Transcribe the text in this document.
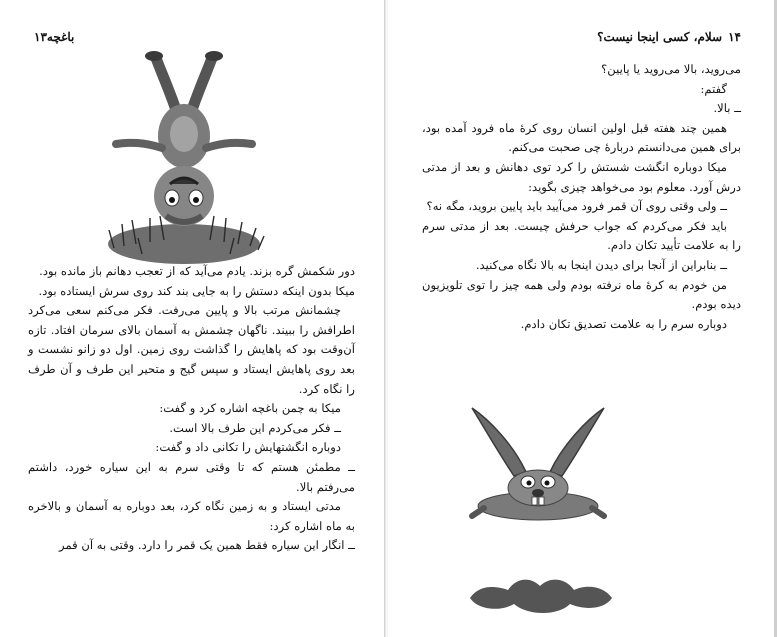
باغچه۱۳

دور شکمش گره بزند. یادم می‌آید که از تعجب دهانم باز مانده بود.

میکا بدون اینکه دستش را به جایی بند کند روی سرش ایستاده بود.

چشمانش مرتب بالا و پایین می‌رفت. فکر می‌کنم سعی می‌کرد اطرافش را ببیند. ناگهان چشمش به آسمان بالای سرمان افتاد. تازه آن‌وقت بود که پاهایش را گذاشت روی زمین. اول دو زانو نشست و بعد روی پاهایش ایستاد و سپس گیج و متحیر این طرف و آن طرف را نگاه کرد.

میکا به چمن باغچه اشاره کرد و گفت:

ــ فکر می‌کردم این طرف بالا است.

دوباره انگشتهایش را تکانی داد و گفت:

ــ مطمئن هستم که تا وقتی سرم به این سیاره خورد، داشتم می‌رفتم بالا.

مدتی ایستاد و به زمین نگاه کرد، بعد دوباره به آسمان و بالاخره به ماه اشاره کرد:

ــ انگار این سیاره فقط همین یک قمر را دارد. وقتی به آن قمر

۱۴سلام، کسی اینجا نیست؟

می‌روید، بالا می‌روید یا پایین؟

گفتم:

ــ بالا.

همین چند هفته قبل اولین انسان روی کرهٔ ماه فرود آمده بود، برای همین می‌دانستم دربارهٔ چی صحبت می‌کنم.

میکا دوباره انگشت شستش را کرد توی دهانش و بعد از مدتی درش آورد. معلوم بود می‌خواهد چیزی بگوید:

ــ ولی وقتی روی آن قمر فرود می‌آیید باید پایین بروید، مگه نه؟

باید فکر می‌کردم که جواب حرفش چیست. بعد از مدتی سرم را به علامت تأیید تکان دادم.

ــ بنابراین از آنجا برای دیدن اینجا به بالا نگاه می‌کنید.

من خودم به کرهٔ ماه نرفته بودم ولی همه چیز را توی تلویزیون دیده بودم.

دوباره سرم را به علامت تصدیق تکان دادم.
